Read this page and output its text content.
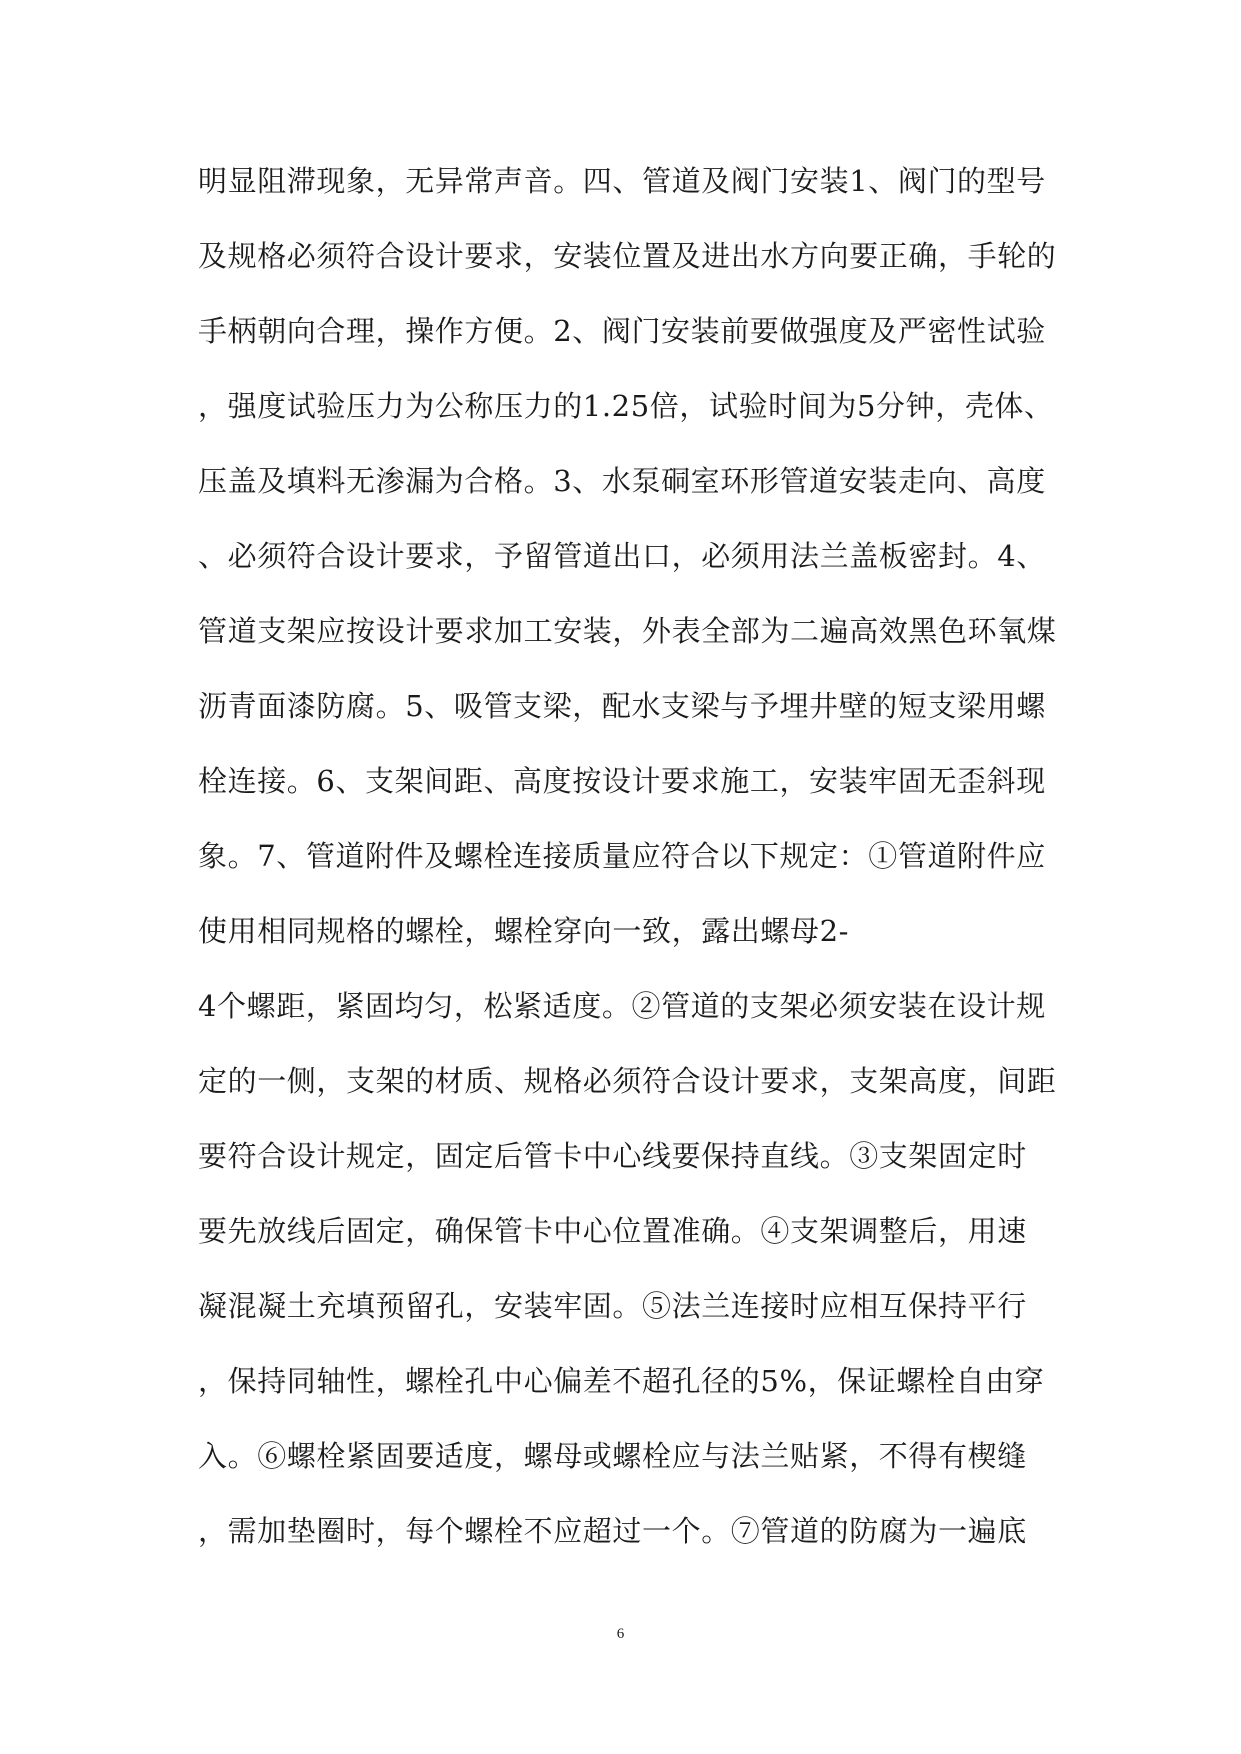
明显阻滞现象，无异常声音。四、管道及阀门安装1、阀门的型号
及规格必须符合设计要求，安装位置及进出水方向要正确，手轮的
手柄朝向合理，操作方便。2、阀门安装前要做强度及严密性试验
，强度试验压力为公称压力的1.25倍，试验时间为5分钟，壳体、
压盖及填料无渗漏为合格。3、水泵硐室环形管道安装走向、高度
、必须符合设计要求，予留管道出口，必须用法兰盖板密封。4、
管道支架应按设计要求加工安装，外表全部为二遍高效黑色环氧煤
沥青面漆防腐。5、吸管支梁，配水支梁与予埋井壁的短支梁用螺
栓连接。6、支架间距、高度按设计要求施工，安装牢固无歪斜现
象。7、管道附件及螺栓连接质量应符合以下规定：①管道附件应
使用相同规格的螺栓，螺栓穿向一致，露出螺母2-
4个螺距，紧固均匀，松紧适度。②管道的支架必须安装在设计规
定的一侧，支架的材质、规格必须符合设计要求，支架高度，间距
要符合设计规定，固定后管卡中心线要保持直线。③支架固定时
要先放线后固定，确保管卡中心位置准确。④支架调整后，用速
凝混凝土充填预留孔，安装牢固。⑤法兰连接时应相互保持平行
，保持同轴性，螺栓孔中心偏差不超孔径的5%，保证螺栓自由穿
入。⑥螺栓紧固要适度，螺母或螺栓应与法兰贴紧，不得有楔缝
，需加垫圈时，每个螺栓不应超过一个。⑦管道的防腐为一遍底
6
